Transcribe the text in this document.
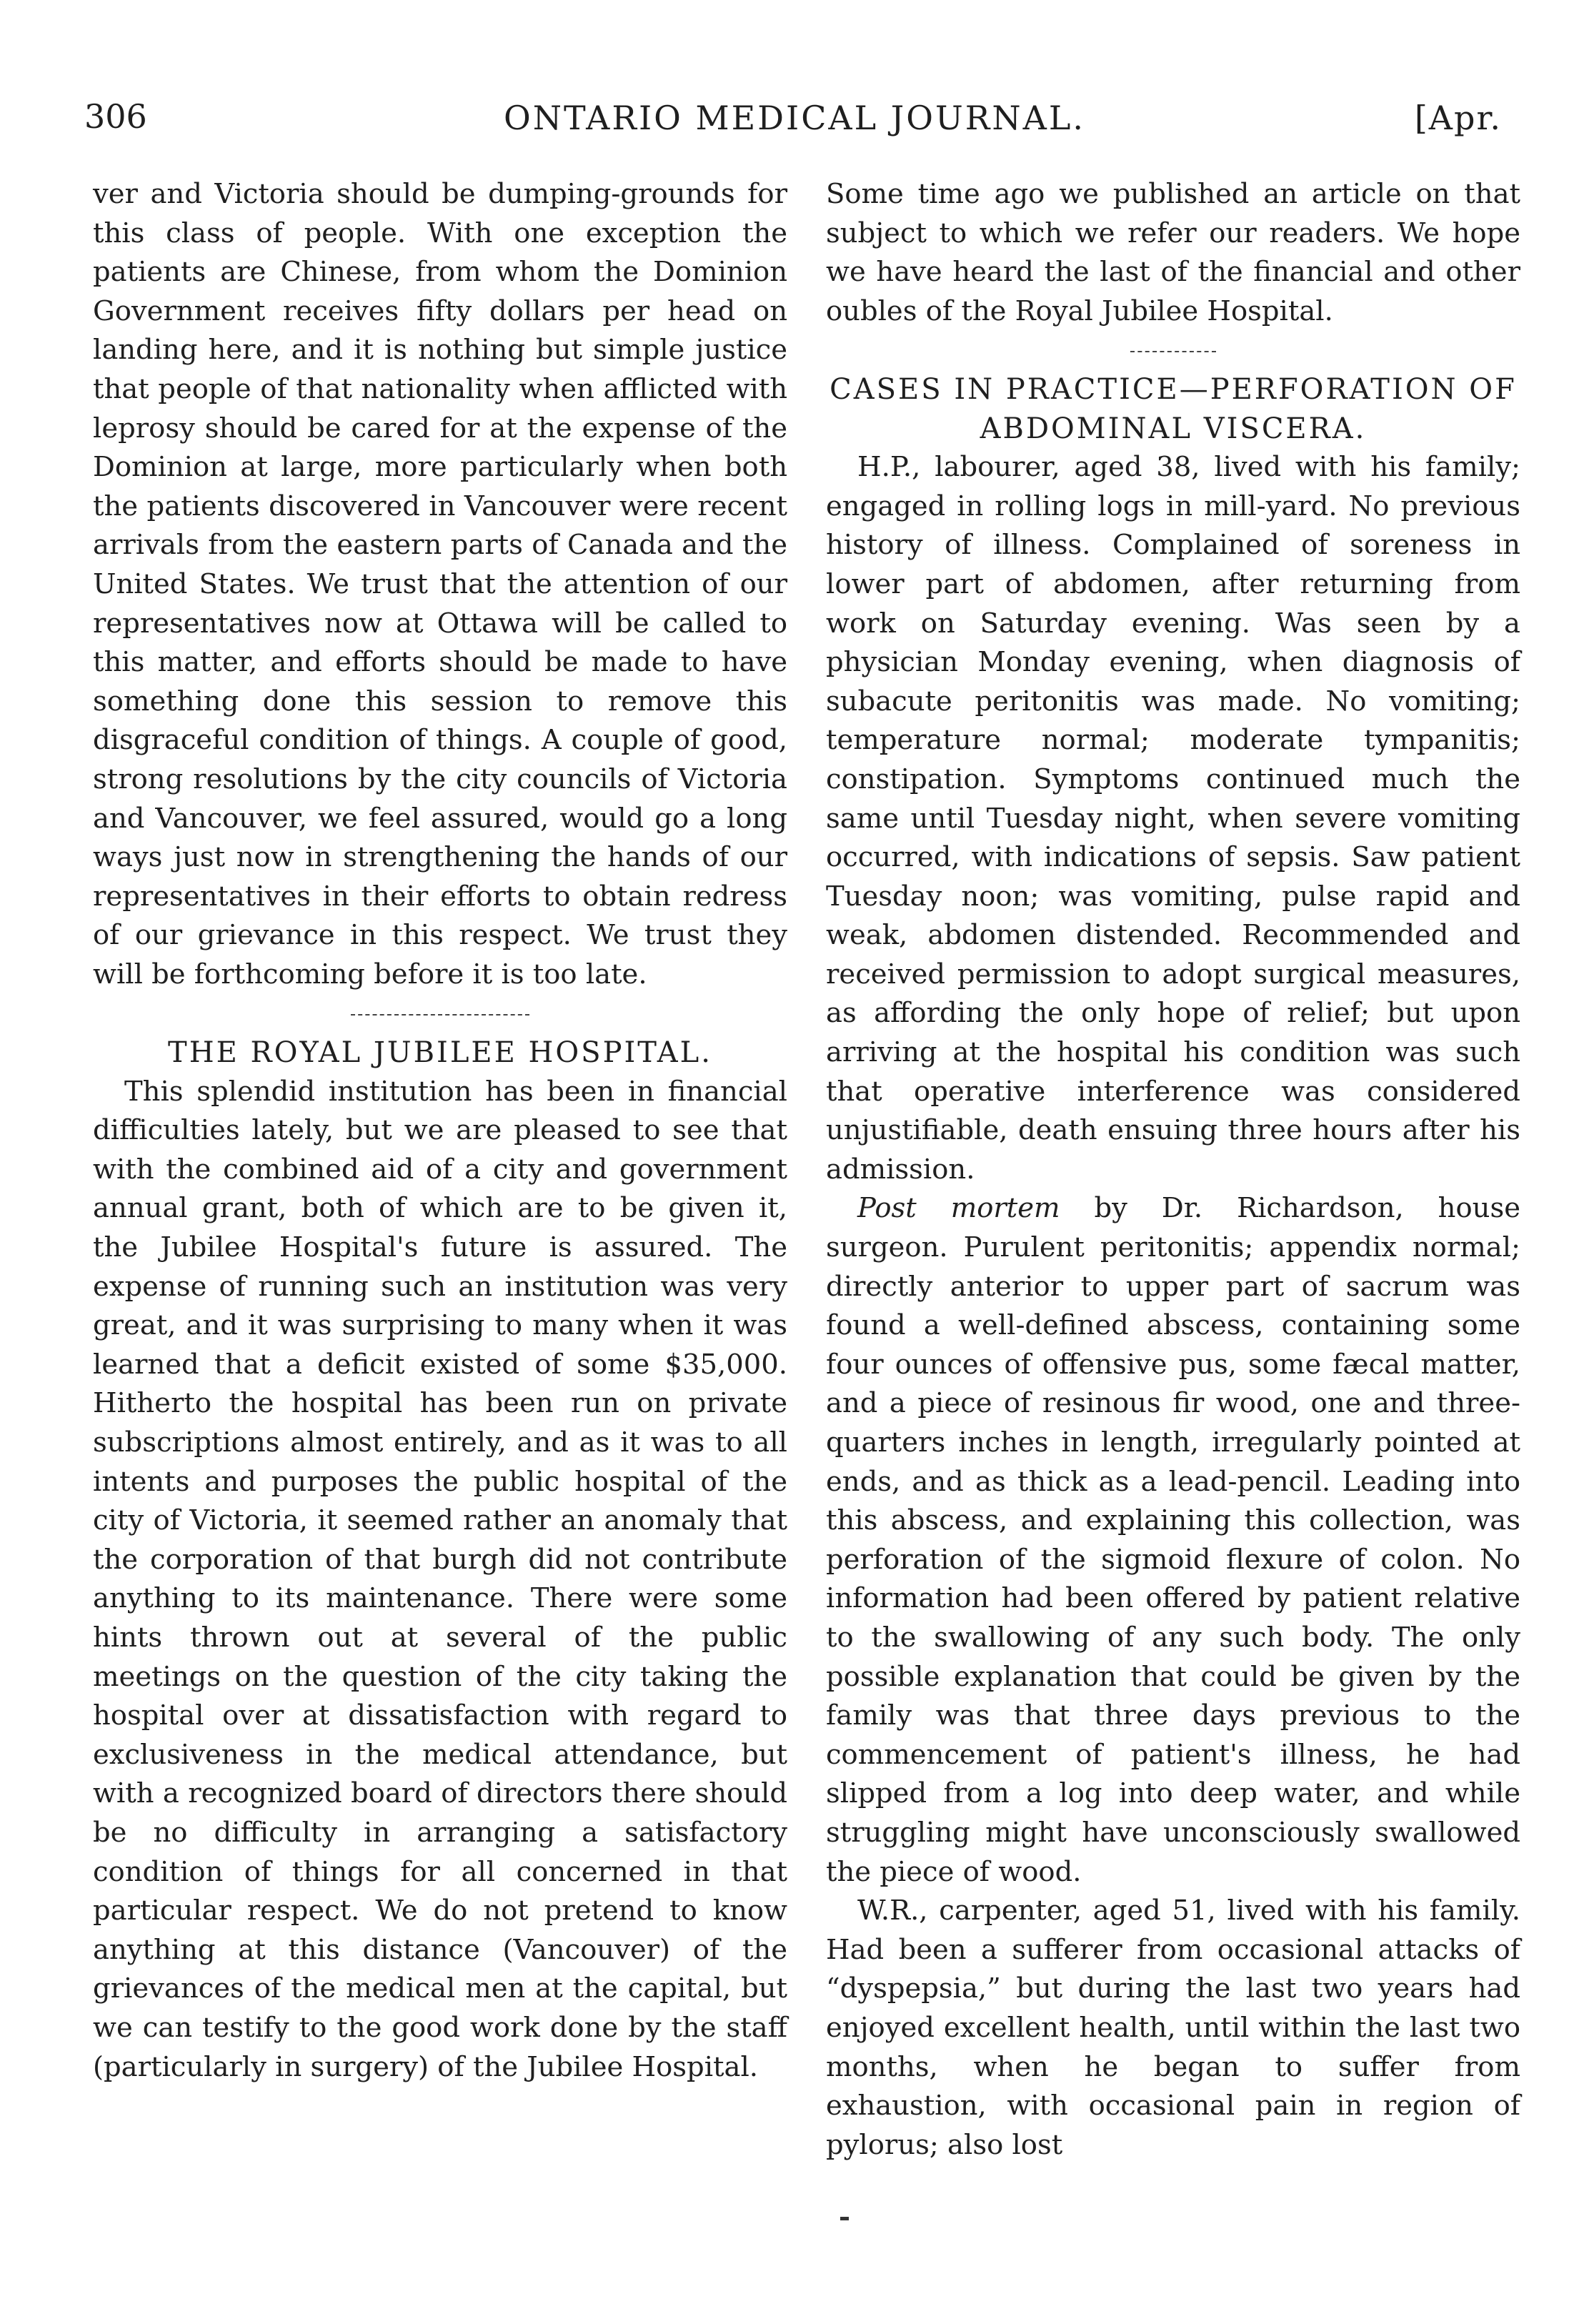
306	ONTARIO MEDICAL JOURNAL.	[Apr.

ver and Victoria should be dumping-grounds for this class of people. With one exception the patients are Chinese, from whom the Dominion Government receives fifty dollars per head on landing here, and it is nothing but simple justice that people of that nationality when afflicted with leprosy should be cared for at the expense of the Dominion at large, more particularly when both the patients discovered in Vancouver were recent arrivals from the eastern parts of Canada and the United States. We trust that the attention of our representatives now at Ottawa will be called to this matter, and efforts should be made to have something done this session to remove this disgraceful condition of things. A couple of good, strong resolutions by the city councils of Victoria and Vancouver, we feel assured, would go a long ways just now in strengthening the hands of our representatives in their efforts to obtain redress of our grievance in this respect. We trust they will be forthcoming before it is too late.

THE ROYAL JUBILEE HOSPITAL.

This splendid institution has been in financial difficulties lately, but we are pleased to see that with the combined aid of a city and government annual grant, both of which are to be given it, the Jubilee Hospital's future is assured. The expense of running such an institution was very great, and it was surprising to many when it was learned that a deficit existed of some $35,000. Hitherto the hospital has been run on private subscriptions almost entirely, and as it was to all intents and purposes the public hospital of the city of Victoria, it seemed rather an anomaly that the corporation of that burgh did not contribute anything to its maintenance. There were some hints thrown out at several of the public meetings on the question of the city taking the hospital over at dissatisfaction with regard to exclusiveness in the medical attendance, but with a recognized board of directors there should be no difficulty in arranging a satisfactory condition of things for all concerned in that particular respect. We do not pretend to know anything at this distance (Vancouver) of the grievances of the medical men at the capital, but we can testify to the good work done by the staff (particularly in surgery) of the Jubilee Hospital.

Some time ago we published an article on that subject to which we refer our readers. We hope we have heard the last of the financial and other oubles of the Royal Jubilee Hospital.

CASES IN PRACTICE—PERFORATION OF ABDOMINAL VISCERA.

H.P., labourer, aged 38, lived with his family; engaged in rolling logs in mill-yard. No previous history of illness. Complained of soreness in lower part of abdomen, after returning from work on Saturday evening. Was seen by a physician Monday evening, when diagnosis of subacute peritonitis was made. No vomiting; temperature normal; moderate tympanitis; constipation. Symptoms continued much the same until Tuesday night, when severe vomiting occurred, with indications of sepsis. Saw patient Tuesday noon; was vomiting, pulse rapid and weak, abdomen distended. Recommended and received permission to adopt surgical measures, as affording the only hope of relief; but upon arriving at the hospital his condition was such that operative interference was considered unjustifiable, death ensuing three hours after his admission.

Post mortem by Dr. Richardson, house surgeon. Purulent peritonitis; appendix normal; directly anterior to upper part of sacrum was found a well-defined abscess, containing some four ounces of offensive pus, some fæcal matter, and a piece of resinous fir wood, one and three-quarters inches in length, irregularly pointed at ends, and as thick as a lead-pencil. Leading into this abscess, and explaining this collection, was perforation of the sigmoid flexure of colon. No information had been offered by patient relative to the swallowing of any such body. The only possible explanation that could be given by the family was that three days previous to the commencement of patient's illness, he had slipped from a log into deep water, and while struggling might have unconsciously swallowed the piece of wood.

W.R., carpenter, aged 51, lived with his family. Had been a sufferer from occasional attacks of “dyspepsia,” but during the last two years had enjoyed excellent health, until within the last two months, when he began to suffer from exhaustion, with occasional pain in region of pylorus; also lost
